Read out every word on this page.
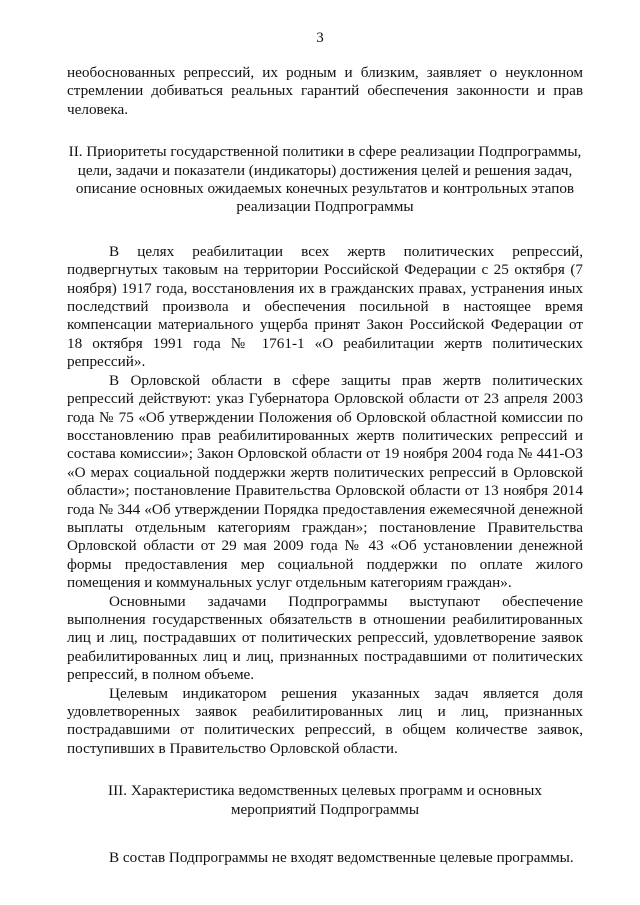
3

необоснованных репрессий, их родным и близким, заявляет о неуклонном стремлении добиваться реальных гарантий обеспечения законности и прав человека.

II. Приоритеты государственной политики в сфере реализации Подпрограммы, цели, задачи и показатели (индикаторы) достижения целей и решения задач, описание основных ожидаемых конечных результатов и контрольных этапов реализации Подпрограммы

В целях реабилитации всех жертв политических репрессий, подвергнутых таковым на территории Российской Федерации с 25 октября (7 ноября) 1917 года, восстановления их в гражданских правах, устранения иных последствий произвола и обеспечения посильной в настоящее время компенсации материального ущерба принят Закон Российской Федерации от 18 октября 1991 года № 1761-1 «О реабилитации жертв политических репрессий».

В Орловской области в сфере защиты прав жертв политических репрессий действуют: указ Губернатора Орловской области от 23 апреля 2003 года № 75 «Об утверждении Положения об Орловской областной комиссии по восстановлению прав реабилитированных жертв политических репрессий и состава комиссии»; Закон Орловской области от 19 ноября 2004 года № 441-ОЗ «О мерах социальной поддержки жертв политических репрессий в Орловской области»; постановление Правительства Орловской области от 13 ноября 2014 года № 344 «Об утверждении Порядка предоставления ежемесячной денежной выплаты отдельным категориям граждан»; постановление Правительства Орловской области от 29 мая 2009 года № 43 «Об установлении денежной формы предоставления мер социальной поддержки по оплате жилого помещения и коммунальных услуг отдельным категориям граждан».

Основными задачами Подпрограммы выступают обеспечение выполнения государственных обязательств в отношении реабилитированных лиц и лиц, пострадавших от политических репрессий, удовлетворение заявок реабилитированных лиц и лиц, признанных пострадавшими от политических репрессий, в полном объеме.

Целевым индикатором решения указанных задач является доля удовлетворенных заявок реабилитированных лиц и лиц, признанных пострадавшими от политических репрессий, в общем количестве заявок, поступивших в Правительство Орловской области.

III. Характеристика ведомственных целевых программ и основных мероприятий Подпрограммы

В состав Подпрограммы не входят ведомственные целевые программы.
